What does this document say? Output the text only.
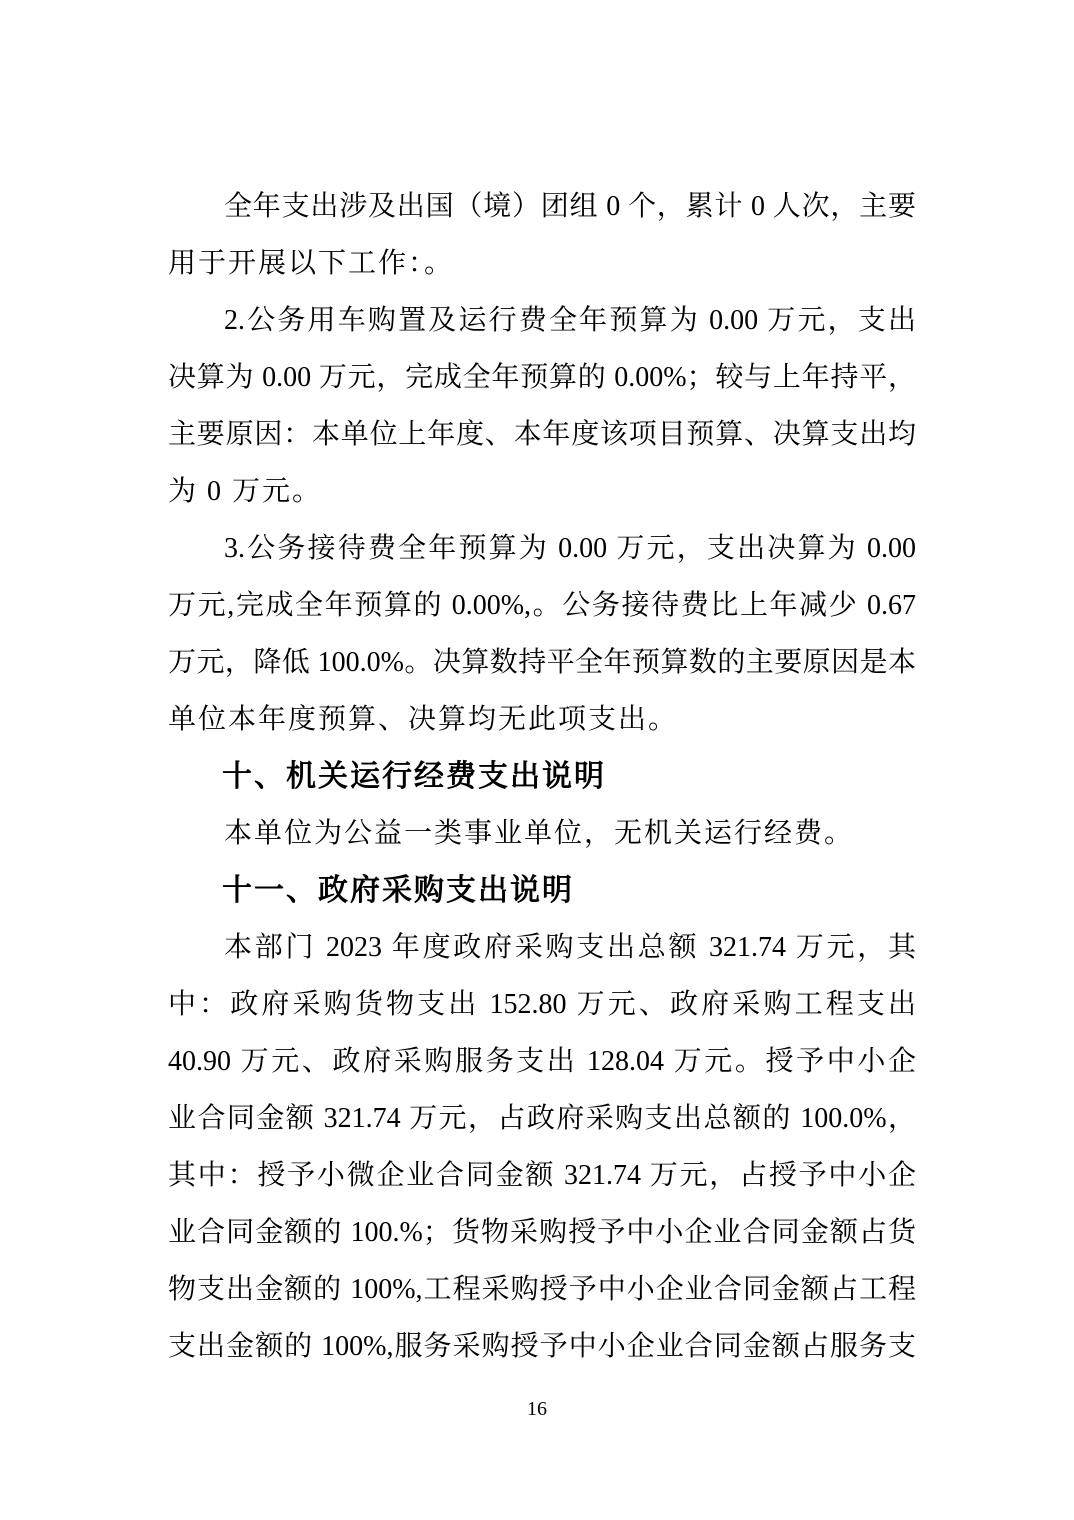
全年支出涉及出国（境）团组 0 个，累计 0 人次，主要
用于开展以下工作：。
2.公务用车购置及运行费全年预算为 0.00 万元，支出
决算为 0.00 万元，完成全年预算的 0.00%；较与上年持平，
主要原因：本单位上年度、本年度该项目预算、决算支出均
为 0 万元。
3.公务接待费全年预算为 0.00 万元，支出决算为 0.00
万元,完成全年预算的 0.00%,。公务接待费比上年减少 0.67
万元，降低 100.0%。决算数持平全年预算数的主要原因是本
单位本年度预算、决算均无此项支出。
十、机关运行经费支出说明
本单位为公益一类事业单位，无机关运行经费。
十一、政府采购支出说明
本部门 2023 年度政府采购支出总额 321.74 万元，其
中：政府采购货物支出 152.80 万元、政府采购工程支出
40.90 万元、政府采购服务支出 128.04 万元。授予中小企
业合同金额 321.74 万元，占政府采购支出总额的 100.0%，
其中：授予小微企业合同金额 321.74 万元，占授予中小企
业合同金额的 100.%；货物采购授予中小企业合同金额占货
物支出金额的 100%,工程采购授予中小企业合同金额占工程
支出金额的 100%,服务采购授予中小企业合同金额占服务支
16
